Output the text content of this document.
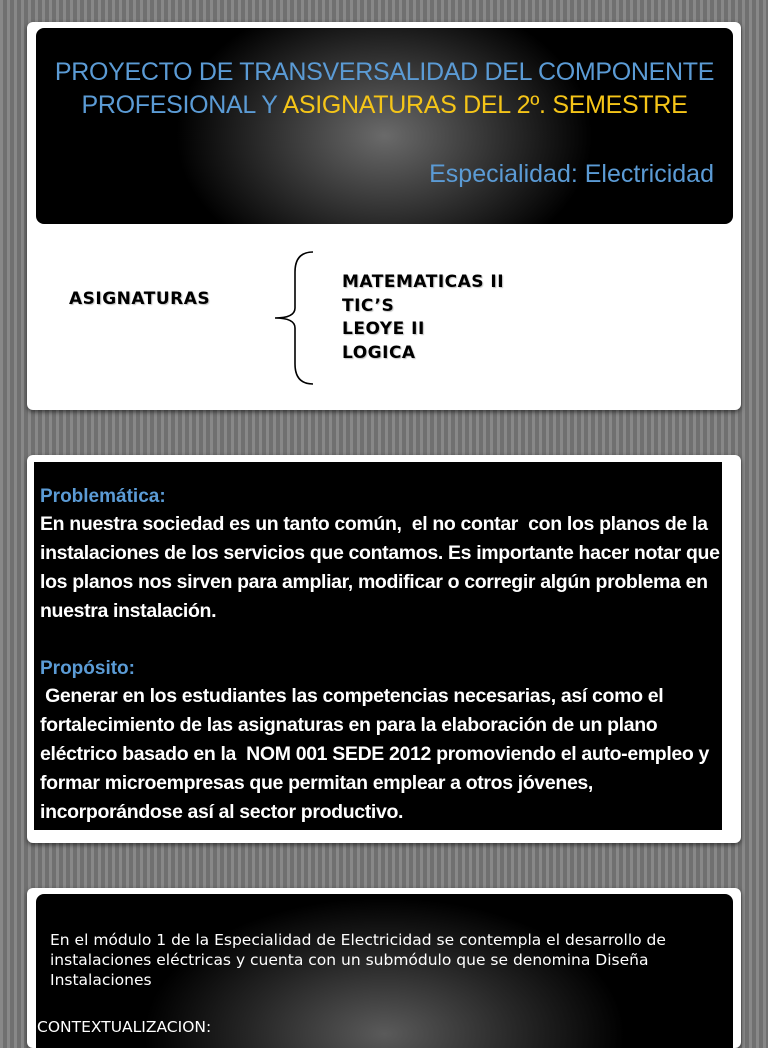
PROYECTO DE TRANSVERSALIDAD DEL COMPONENTE
PROFESIONAL Y ASIGNATURAS DEL 2º. SEMESTRE
Especialidad: Electricidad
ASIGNATURAS
MATEMATICAS II
TIC’S
LEOYE II
LOGICA
Problemática:

En nuestra sociedad es un tanto común,  el no contar  con los planos de la instalaciones de los servicios que contamos. Es importante hacer notar que los planos nos sirven para ampliar, modificar o corregir algún problema en nuestra instalación.

Propósito:

Generar en los estudiantes las competencias necesarias, así como el fortalecimiento de las asignaturas en para la elaboración de un plano eléctrico basado en la  NOM 001 SEDE 2012 promoviendo el auto-empleo y formar microempresas que permitan emplear a otros jóvenes, incorporándose así al sector productivo.

En el módulo 1 de la Especialidad de Electricidad se contempla el desarrollo de instalaciones eléctricas y cuenta con un submódulo que se denomina Diseña Instalaciones

CONTEXTUALIZACION:
